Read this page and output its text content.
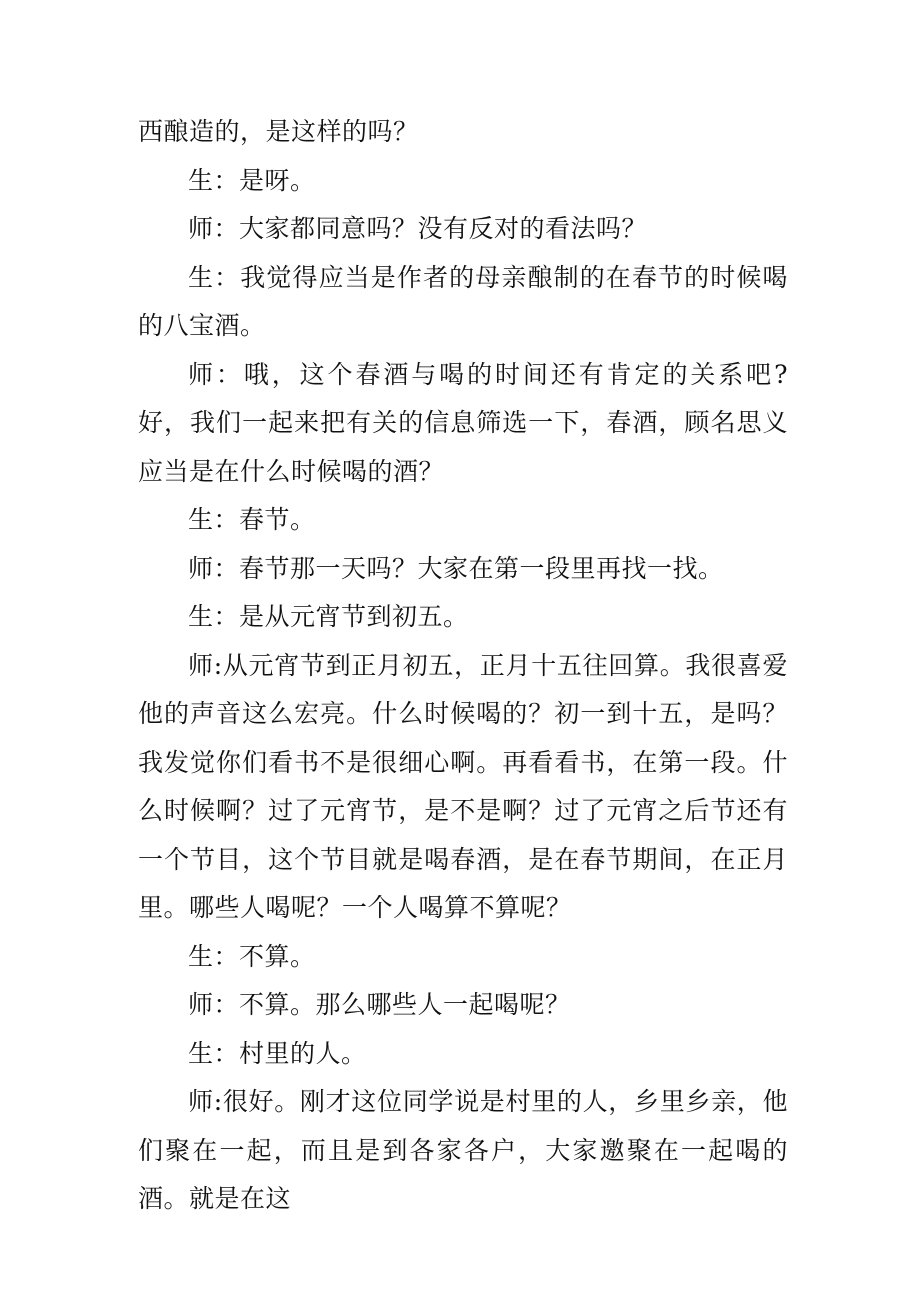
西酿造的，是这样的吗？

生：是呀。

师：大家都同意吗？没有反对的看法吗？

生：我觉得应当是作者的母亲酿制的在春节的时候喝的八宝酒。

师：哦，这个春酒与喝的时间还有肯定的关系吧?好，我们一起来把有关的信息筛选一下，春酒，顾名思义应当是在什么时候喝的酒？

生：春节。

师：春节那一天吗？大家在第一段里再找一找。

生：是从元宵节到初五。

师:从元宵节到正月初五，正月十五往回算。我很喜爱他的声音这么宏亮。什么时候喝的？初一到十五，是吗？我发觉你们看书不是很细心啊。再看看书，在第一段。什么时候啊？过了元宵节，是不是啊？过了元宵之后节还有一个节目，这个节目就是喝春酒，是在春节期间，在正月里。哪些人喝呢？一个人喝算不算呢？

生：不算。

师：不算。那么哪些人一起喝呢？

生：村里的人。

师:很好。刚才这位同学说是村里的人，乡里乡亲，他们聚在一起，而且是到各家各户，大家邀聚在一起喝的酒。就是在这
